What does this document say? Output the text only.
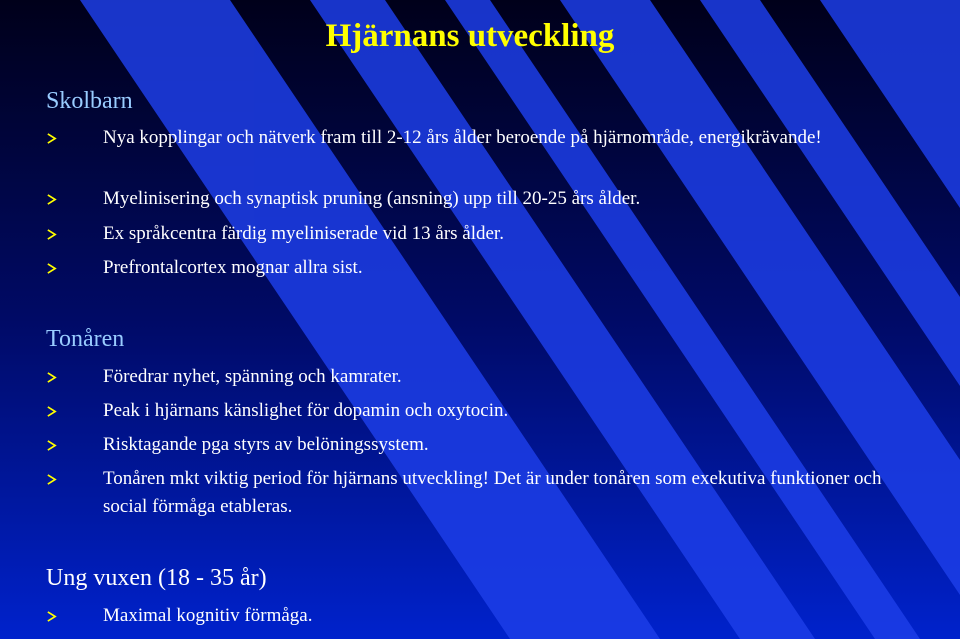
Hjärnans utveckling
Skolbarn
Nya kopplingar och nätverk fram till 2-12 års ålder beroende på hjärnområde, energikrävande!
Myelinisering och synaptisk pruning (ansning) upp till 20-25 års ålder.
Ex språkcentra färdig myeliniserade vid 13 års ålder.
Prefrontalcortex mognar allra sist.
Tonåren
Föredrar nyhet, spänning och kamrater.
Peak i hjärnans känslighet för dopamin och oxytocin.
Risktagande pga styrs av belöningssystem.
Tonåren mkt viktig period för hjärnans utveckling! Det är under tonåren som exekutiva funktioner och social förmåga etableras.
Ung vuxen (18 - 35 år)
Maximal kognitiv förmåga.
